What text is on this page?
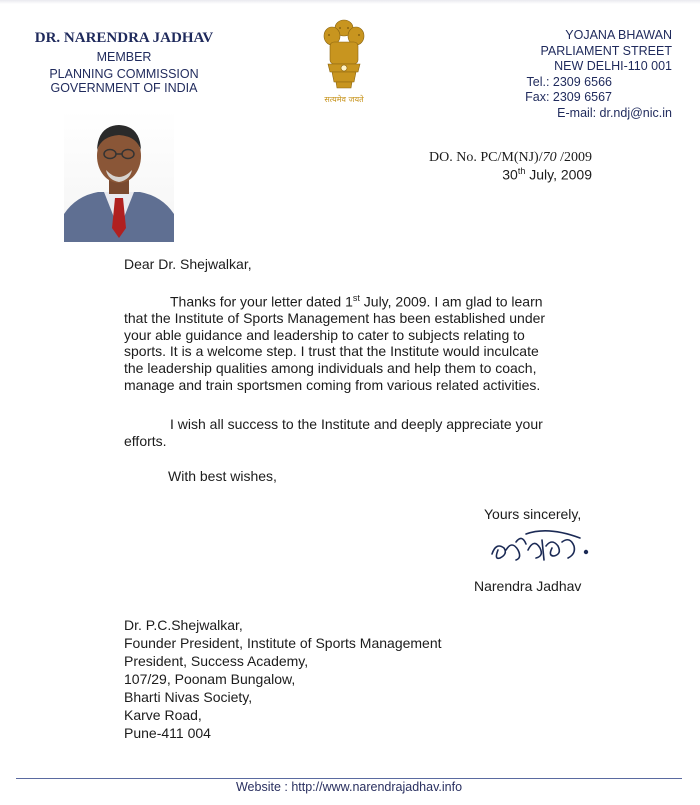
DR. NARENDRA JADHAV
MEMBER
PLANNING COMMISSION
GOVERNMENT OF INDIA
सत्यमेव जयते
YOJANA BHAWAN
PARLIAMENT STREET
NEW DELHI-110 001
Tel.: 2309 6566
Fax: 2309 6567
E-mail: dr.ndj@nic.in
DO. No. PC/M(NJ)/70 /2009
30th July, 2009
Dear Dr. Shejwalkar,
Thanks for your letter dated 1st July, 2009. I am glad to learn
that the Institute of Sports Management has been established under
your able guidance and leadership to cater to subjects relating to
sports. It is a welcome step. I trust that the Institute would inculcate
the leadership qualities among individuals and help them to coach,
manage and train sportsmen coming from various related activities.
I wish all success to the Institute and deeply appreciate your
efforts.
With best wishes,
Yours sincerely,
Narendra Jadhav
Dr. P.C.Shejwalkar,
Founder President, Institute of Sports Management
President, Success Academy,
107/29, Poonam Bungalow,
Bharti Nivas Society,
Karve Road,
Pune-411 004
Website : http://www.narendrajadhav.info
